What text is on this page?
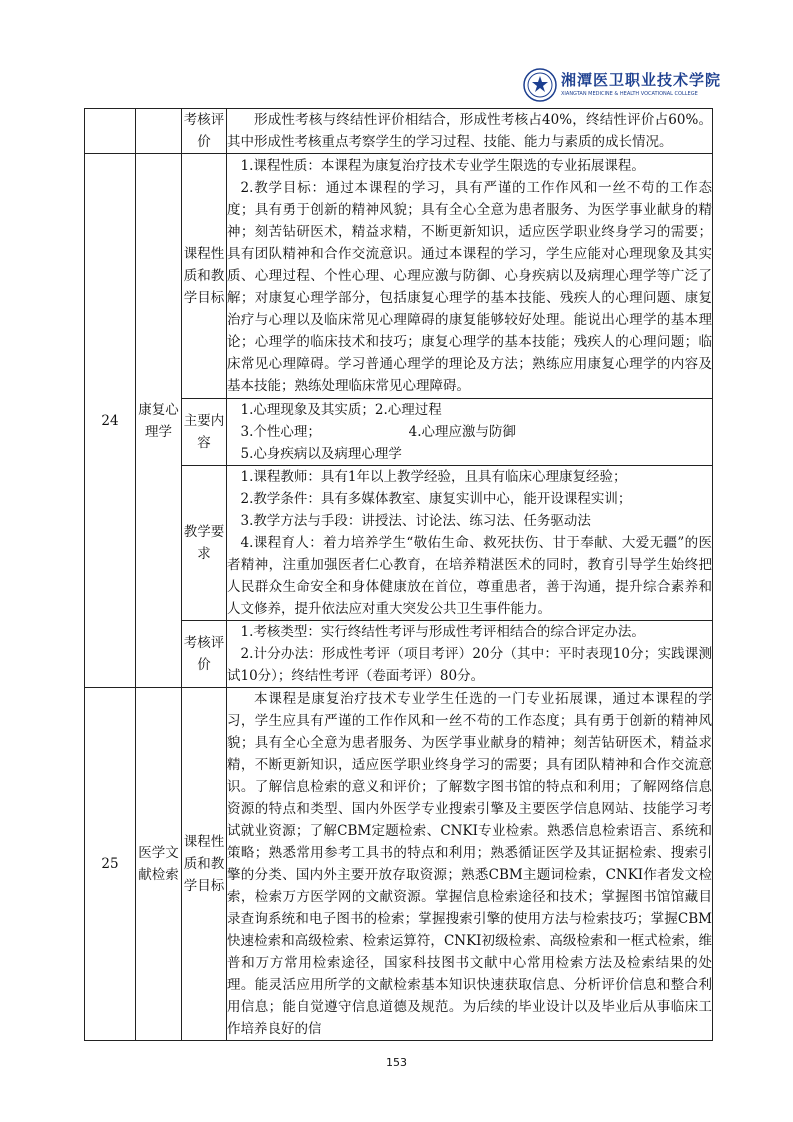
湘潭医卫职业技术学院
XIANGTAN MEDICINE & HEALTH VOCATIONAL COLLEGE
		考核评价	形成性考核与终结性评价相结合，形成性考核占40%，终结性评价占60%。其中形成性考核重点考察学生的学习过程、技能、能力与素质的成长情况。

24	康复心理学	课程性质和教学目标	1.课程性质：本课程为康复治疗技术专业学生限选的专业拓展课程。

2.教学目标：通过本课程的学习，具有严谨的工作作风和一丝不苟的工作态度；具有勇于创新的精神风貌；具有全心全意为患者服务、为医学事业献身的精神；刻苦钻研医术，精益求精，不断更新知识，适应医学职业终身学习的需要；具有团队精神和合作交流意识。通过本课程的学习，学生应能对心理现象及其实质、心理过程、个性心理、心理应激与防御、心身疾病以及病理心理学等广泛了解；对康复心理学部分，包括康复心理学的基本技能、残疾人的心理问题、康复治疗与心理以及临床常见心理障碍的康复能够较好处理。能说出心理学的基本理论；心理学的临床技术和技巧；康复心理学的基本技能；残疾人的心理问题；临床常见心理障碍。学习普通心理学的理论及方法；熟练应用康复心理学的内容及基本技能；熟练处理临床常见心理障碍。

		主要内容	1.心理现象及其实质；2.心理过程

3.个性心理；　　　　　　　4.心理应激与防御

5.心身疾病以及病理心理学

		教学要求	1.课程教师：具有1年以上教学经验，且具有临床心理康复经验；

2.教学条件：具有多媒体教室、康复实训中心，能开设课程实训；

3.教学方法与手段：讲授法、讨论法、练习法、任务驱动法

4.课程育人：着力培养学生“敬佑生命、救死扶伤、甘于奉献、大爱无疆”的医者精神，注重加强医者仁心教育，在培养精湛医术的同时，教育引导学生始终把人民群众生命安全和身体健康放在首位，尊重患者，善于沟通，提升综合素养和人文修养，提升依法应对重大突发公共卫生事件能力。

		考核评价	1.考核类型：实行终结性考评与形成性考评相结合的综合评定办法。

2.计分办法：形成性考评（项目考评）20分（其中：平时表现10分；实践课测试10分）；终结性考评（卷面考评）80分。

25	医学文献检索	课程性质和教学目标	本课程是康复治疗技术专业学生任选的一门专业拓展课，通过本课程的学习，学生应具有严谨的工作作风和一丝不苟的工作态度；具有勇于创新的精神风貌；具有全心全意为患者服务、为医学事业献身的精神；刻苦钻研医术，精益求精，不断更新知识，适应医学职业终身学习的需要；具有团队精神和合作交流意识。了解信息检索的意义和评价；了解数字图书馆的特点和利用；了解网络信息资源的特点和类型、国内外医学专业搜索引擎及主要医学信息网站、技能学习考试就业资源；了解CBM定题检索、CNKI专业检索。熟悉信息检索语言、系统和策略；熟悉常用参考工具书的特点和利用；熟悉循证医学及其证据检索、搜索引擎的分类、国内外主要开放存取资源；熟悉CBM主题词检索，CNKI作者发文检索，检索万方医学网的文献资源。掌握信息检索途径和技术；掌握图书馆馆藏目录查询系统和电子图书的检索；掌握搜索引擎的使用方法与检索技巧；掌握CBM快速检索和高级检索、检索运算符，CNKI初级检索、高级检索和一框式检索，维普和万方常用检索途径，国家科技图书文献中心常用检索方法及检索结果的处理。能灵活应用所学的文献检索基本知识快速获取信息、分析评价信息和整合利用信息；能自觉遵守信息道德及规范。为后续的毕业设计以及毕业后从事临床工作培养良好的信

153
